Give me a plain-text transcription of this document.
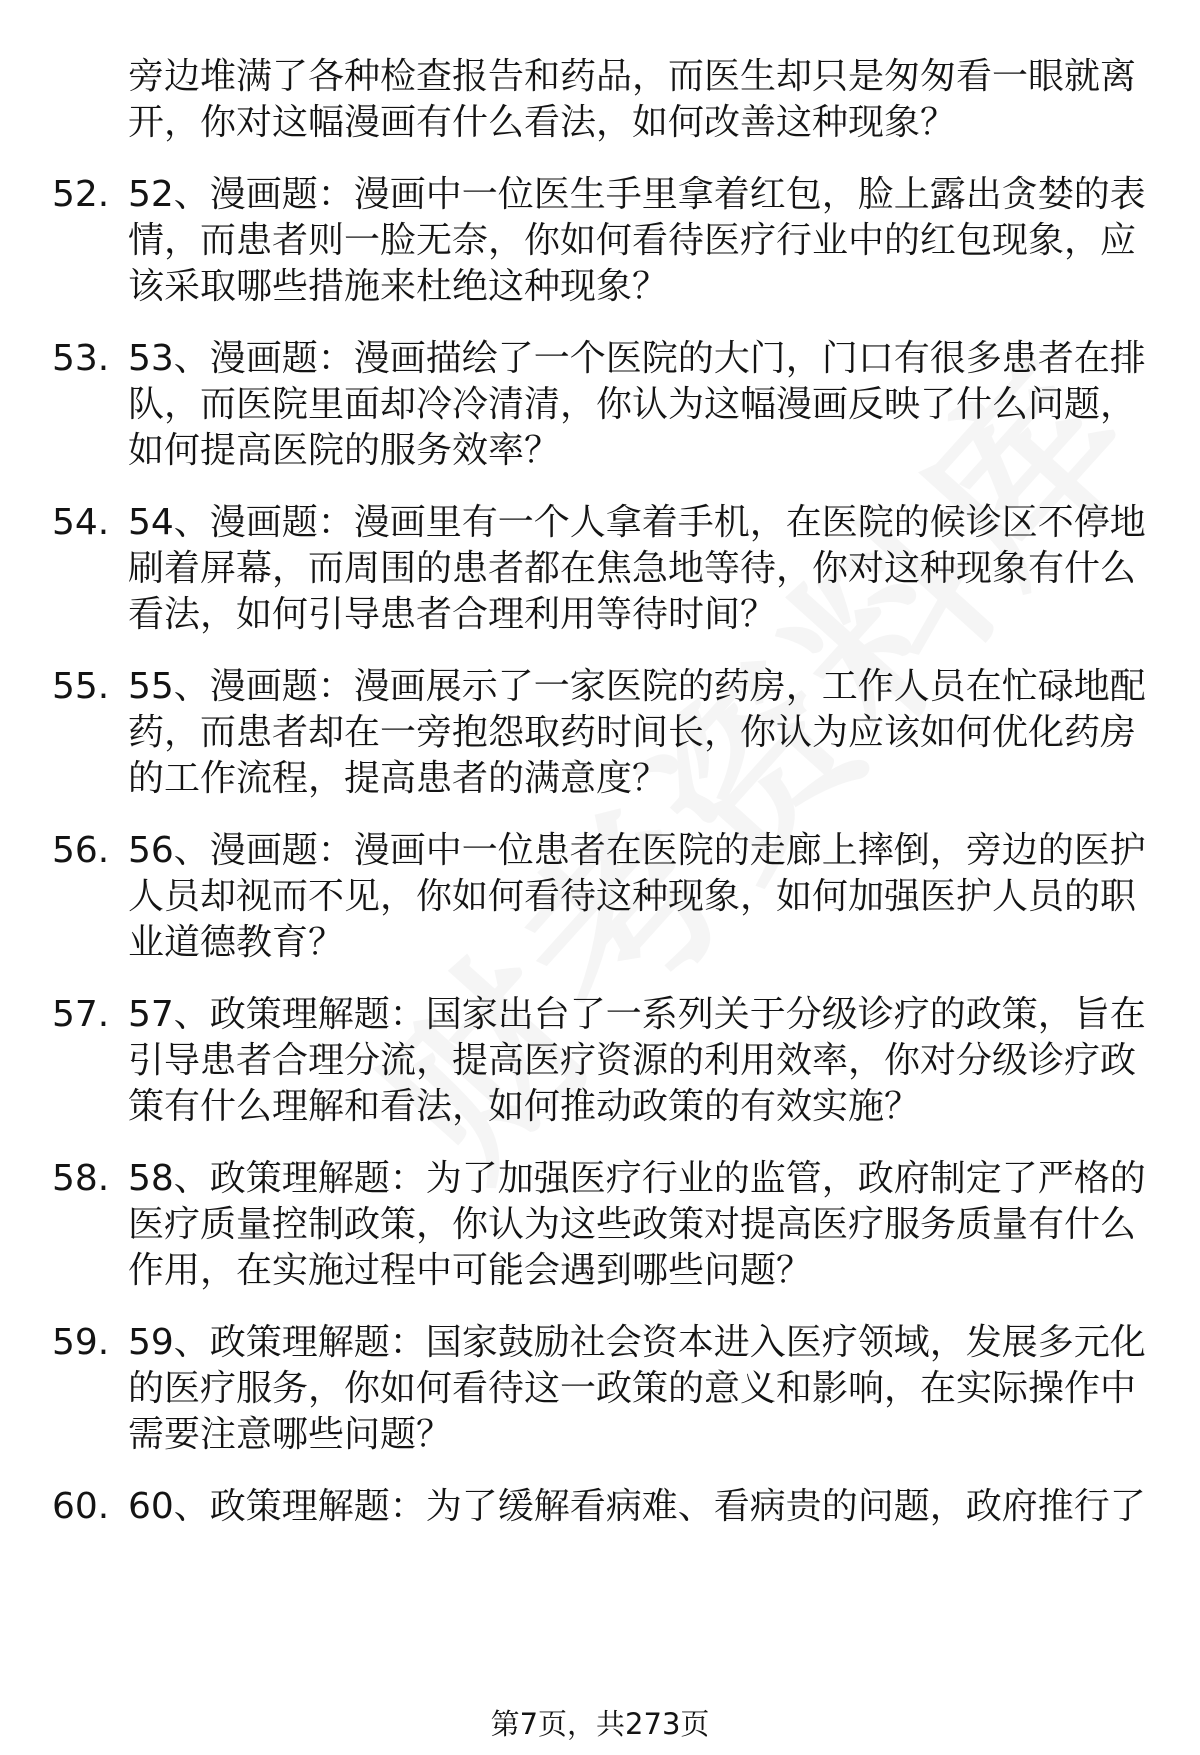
旁边堆满了各种检查报告和药品，而医生却只是匆匆看一眼就离
开，你对这幅漫画有什么看法，如何改善这种现象？
52. 52、漫画题：漫画中一位医生手里拿着红包，脸上露出贪婪的表
情，而患者则一脸无奈，你如何看待医疗行业中的红包现象，应
该采取哪些措施来杜绝这种现象？
53. 53、漫画题：漫画描绘了一个医院的大门，门口有很多患者在排
队，而医院里面却冷冷清清，你认为这幅漫画反映了什么问题，
如何提高医院的服务效率？
54. 54、漫画题：漫画里有一个人拿着手机，在医院的候诊区不停地
刷着屏幕，而周围的患者都在焦急地等待，你对这种现象有什么
看法，如何引导患者合理利用等待时间？
55. 55、漫画题：漫画展示了一家医院的药房，工作人员在忙碌地配
药，而患者却在一旁抱怨取药时间长，你认为应该如何优化药房
的工作流程，提高患者的满意度？
56. 56、漫画题：漫画中一位患者在医院的走廊上摔倒，旁边的医护
人员却视而不见，你如何看待这种现象，如何加强医护人员的职
业道德教育？
57. 57、政策理解题：国家出台了一系列关于分级诊疗的政策，旨在
引导患者合理分流，提高医疗资源的利用效率，你对分级诊疗政
策有什么理解和看法，如何推动政策的有效实施？
58. 58、政策理解题：为了加强医疗行业的监管，政府制定了严格的
医疗质量控制政策，你认为这些政策对提高医疗服务质量有什么
作用，在实施过程中可能会遇到哪些问题？
59. 59、政策理解题：国家鼓励社会资本进入医疗领域，发展多元化
的医疗服务，你如何看待这一政策的意义和影响，在实际操作中
需要注意哪些问题？
60. 60、政策理解题：为了缓解看病难、看病贵的问题，政府推行了
第7页，共273页
